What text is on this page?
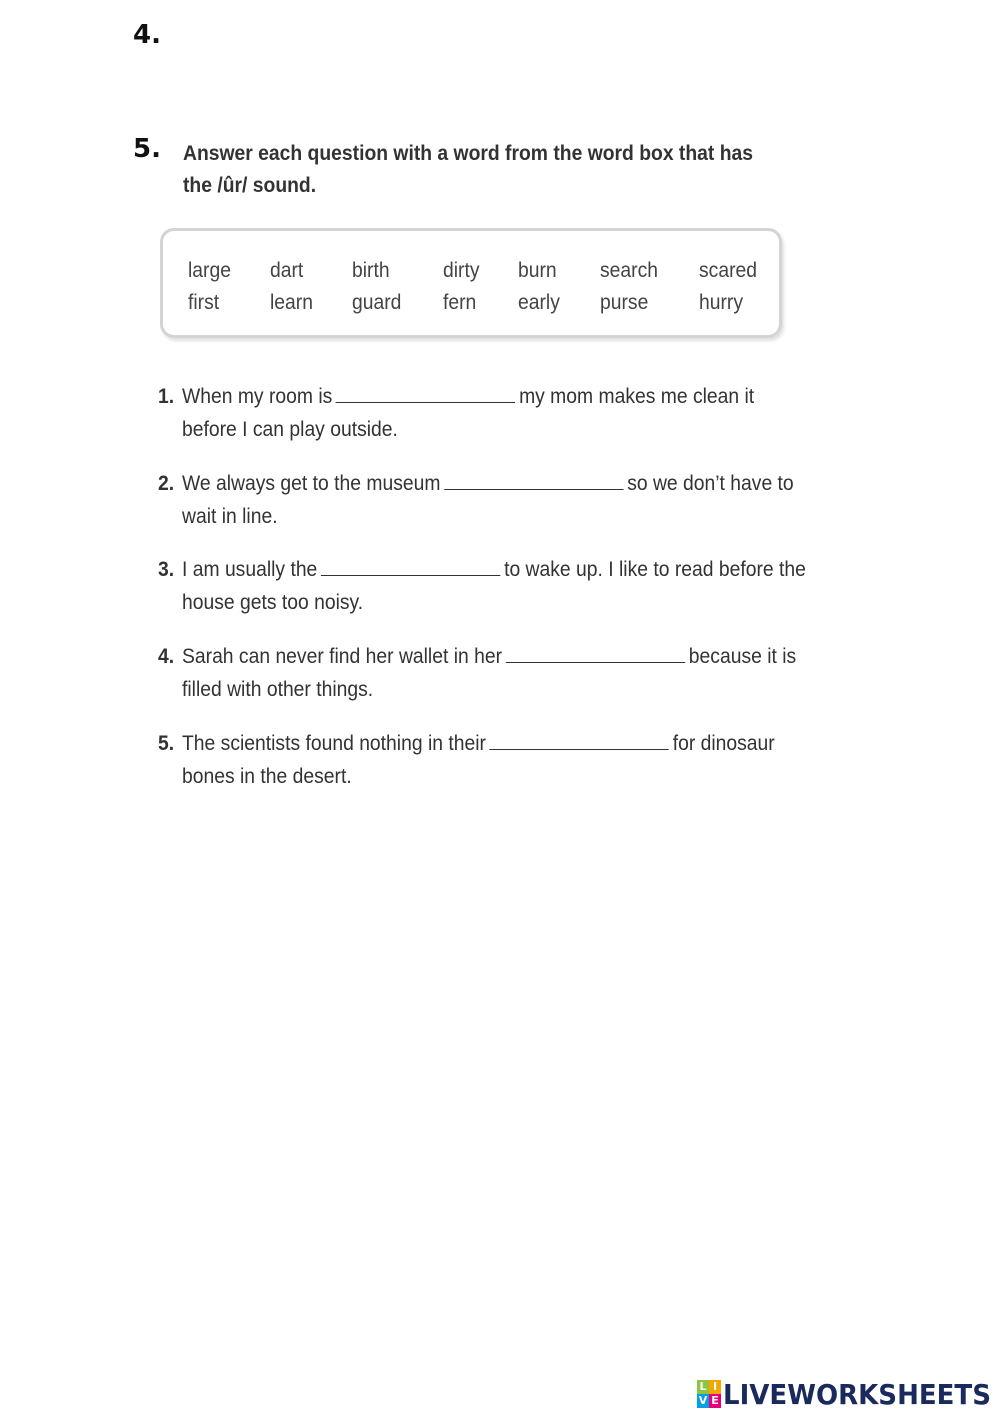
4.
5. Answer each question with a word from the word box that has
the /ûr/ sound.
large dart birth	dirty burn search scared
first learn guard fern early purse hurry
1. When my room is	my mom makes me clean it
before I can play outside.
2. We always get to the museum	so we don’t have to
wait in line.
3. I am usually the	to wake up. I like to read before the
house gets too noisy.
4. Sarah can never find her wallet in her	because it is
filled with other things.
5. The scientists found nothing in their	for dinosaur
bones in the desert.
L I
V E LIVEWORKSHEETS
